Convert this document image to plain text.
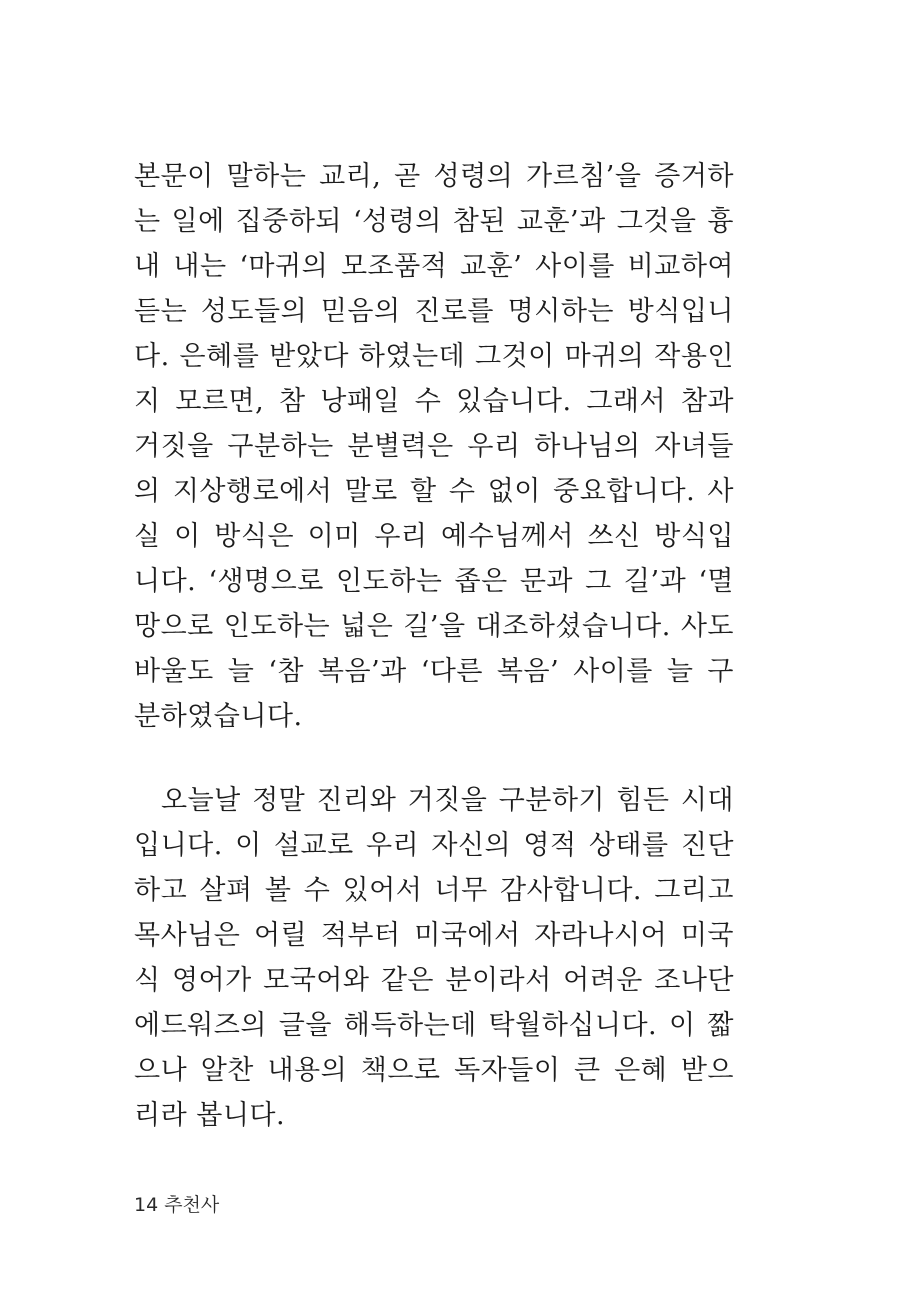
본문이 말하는 교리, 곧 성령의 가르침’을 증거하
는 일에 집중하되 ‘성령의 참된 교훈’과 그것을 흉
내 내는 ‘마귀의 모조품적 교훈’ 사이를 비교하여
듣는 성도들의 믿음의 진로를 명시하는 방식입니
다. 은혜를 받았다 하였는데 그것이 마귀의 작용인
지 모르면, 참 낭패일 수 있습니다. 그래서 참과
거짓을 구분하는 분별력은 우리 하나님의 자녀들
의 지상행로에서 말로 할 수 없이 중요합니다. 사
실 이 방식은 이미 우리 예수님께서 쓰신 방식입
니다. ‘생명으로 인도하는 좁은 문과 그 길’과 ‘멸
망으로 인도하는 넓은 길’을 대조하셨습니다. 사도
바울도 늘 ‘참 복음’과 ‘다른 복음’ 사이를 늘 구
분하였습니다.
오늘날 정말 진리와 거짓을 구분하기 힘든 시대
입니다. 이 설교로 우리 자신의 영적 상태를 진단
하고 살펴 볼 수 있어서 너무 감사합니다. 그리고
목사님은 어릴 적부터 미국에서 자라나시어 미국
식 영어가 모국어와 같은 분이라서 어려운 조나단
에드워즈의 글을 해득하는데 탁월하십니다. 이 짧
으나 알찬 내용의 책으로 독자들이 큰 은혜 받으
리라 봅니다.
14 추천사
